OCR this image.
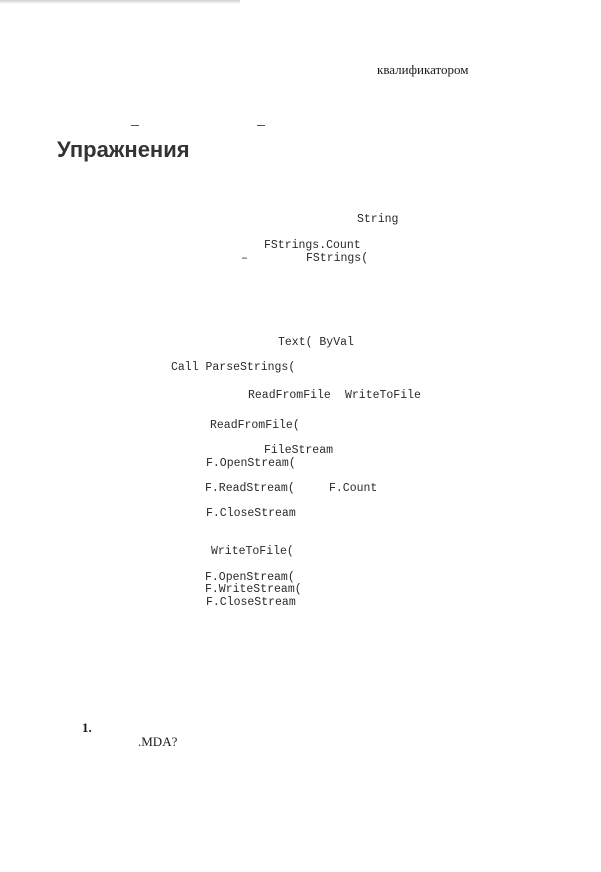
квалификатором
Упражнения
String
FStrings.Count
–	FStrings(
Text( ByVal
Call ParseStrings(
ReadFromFile WriteToFile
ReadFromFile(
FileStream
F.OpenStream(
F.ReadStream(	F.Count
F.CloseStream
WriteToFile(
F.OpenStream(
F.WriteStream(
F.CloseStream
1.
.MDA?
